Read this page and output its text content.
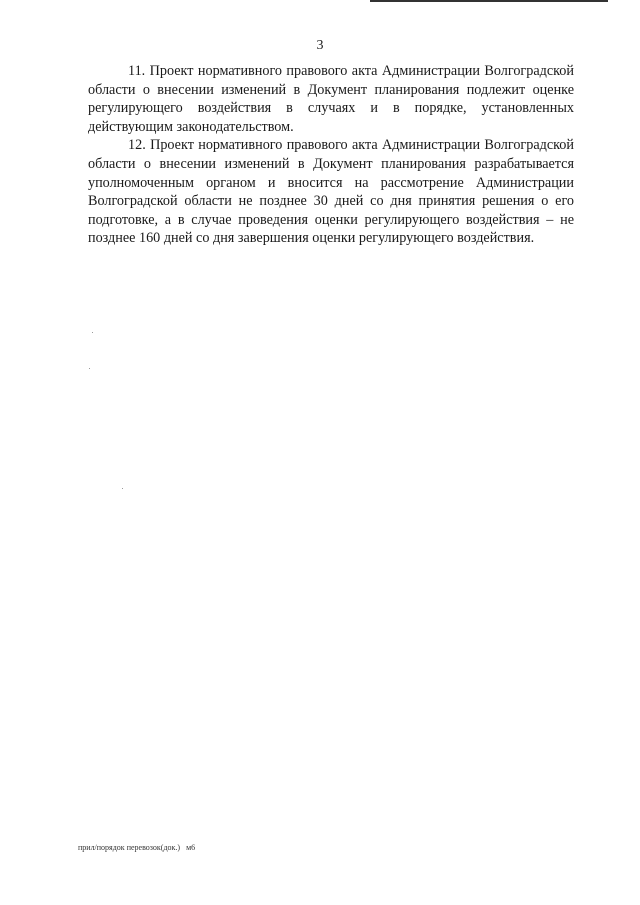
3

11. Проект нормативного правового акта Администрации Волгоградской области о внесении изменений в Документ планирования подлежит оценке регулирующего воздействия в случаях и в порядке, установленных действующим законодательством.

12. Проект нормативного правового акта Администрации Волгоградской области о внесении изменений в Документ планирования разрабатывается уполномоченным органом и вносится на рассмотрение Администрации Волгоградской области не позднее 30 дней со дня принятия решения о его подготовке, а в случае проведения оценки регулирующего воздействия – не позднее 160 дней со дня завершения оценки регулирующего воздействия.

прил/порядок перевозок(док.)   м6
